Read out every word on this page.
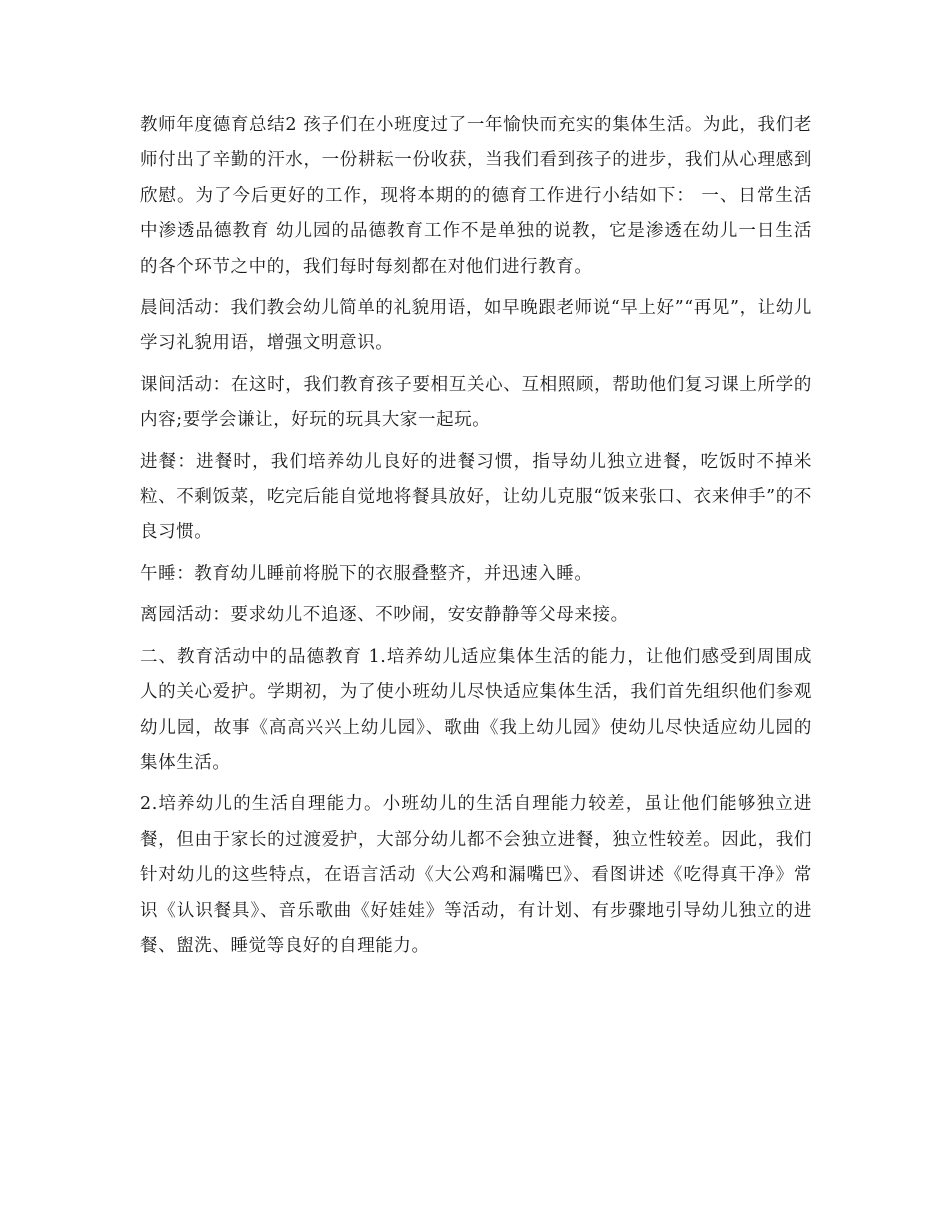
教师年度德育总结2 孩子们在小班度过了一年愉快而充实的集体生活。为此，我们老师付出了辛勤的汗水，一份耕耘一份收获，当我们看到孩子的进步，我们从心理感到欣慰。为了今后更好的工作，现将本期的的德育工作进行小结如下： 一、日常生活中渗透品德教育 幼儿园的品德教育工作不是单独的说教，它是渗透在幼儿一日生活的各个环节之中的，我们每时每刻都在对他们进行教育。

晨间活动：我们教会幼儿简单的礼貌用语，如早晚跟老师说“早上好”“再见”，让幼儿学习礼貌用语，增强文明意识。

课间活动：在这时，我们教育孩子要相互关心、互相照顾，帮助他们复习课上所学的内容;要学会谦让，好玩的玩具大家一起玩。

进餐：进餐时，我们培养幼儿良好的进餐习惯，指导幼儿独立进餐，吃饭时不掉米粒、不剩饭菜，吃完后能自觉地将餐具放好，让幼儿克服“饭来张口、衣来伸手”的不良习惯。

午睡：教育幼儿睡前将脱下的衣服叠整齐，并迅速入睡。

离园活动：要求幼儿不追逐、不吵闹，安安静静等父母来接。

二、教育活动中的品德教育 1.培养幼儿适应集体生活的能力，让他们感受到周围成人的关心爱护。学期初，为了使小班幼儿尽快适应集体生活，我们首先组织他们参观幼儿园，故事《高高兴兴上幼儿园》、歌曲《我上幼儿园》使幼儿尽快适应幼儿园的集体生活。

2.培养幼儿的生活自理能力。小班幼儿的生活自理能力较差，虽让他们能够独立进餐，但由于家长的过渡爱护，大部分幼儿都不会独立进餐，独立性较差。因此，我们针对幼儿的这些特点，在语言活动《大公鸡和漏嘴巴》、看图讲述《吃得真干净》常识《认识餐具》、音乐歌曲《好娃娃》等活动，有计划、有步骤地引导幼儿独立的进餐、盥洗、睡觉等良好的自理能力。
